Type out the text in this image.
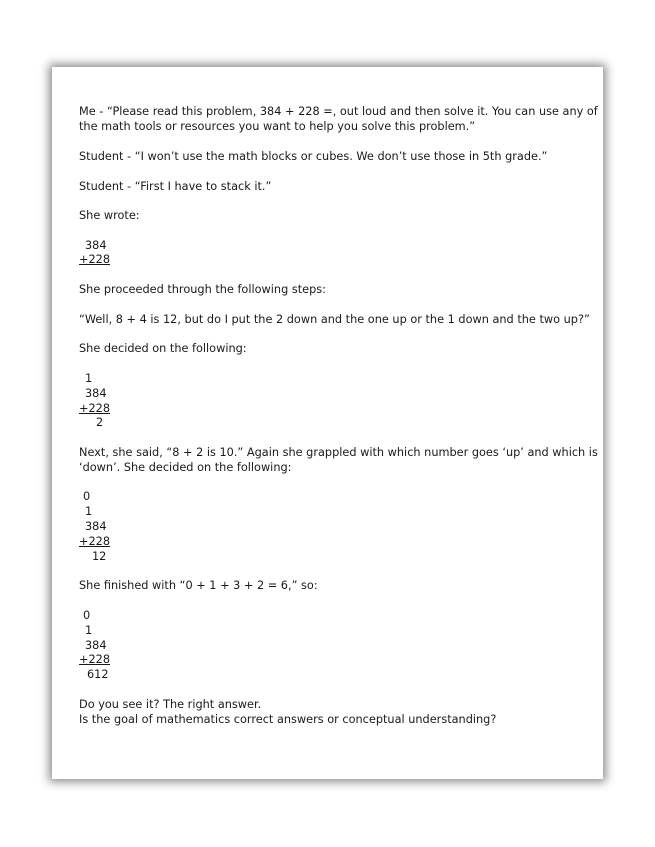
Me - “Please read this problem, 384 + 228 =, out loud and then solve it. You can use any of

the math tools or resources you want to help you solve this problem.”

Student - “I won’t use the math blocks or cubes. We don’t use those in 5th grade.”

Student - “First I have to stack it.”

She wrote:

384

+228

She proceeded through the following steps:

“Well, 8 + 4 is 12, but do I put the 2 down and the one up or the 1 down and the two up?”

She decided on the following:

1

384

+228

2

Next, she said, “8 + 2 is 10.” Again she grappled with which number goes ‘up’ and which is

‘down’. She decided on the following:

0

1

384

+228

12

She finished with “0 + 1 + 3 + 2 = 6,” so:

0

1

384

+228

612

Do you see it? The right answer.

Is the goal of mathematics correct answers or conceptual understanding?
